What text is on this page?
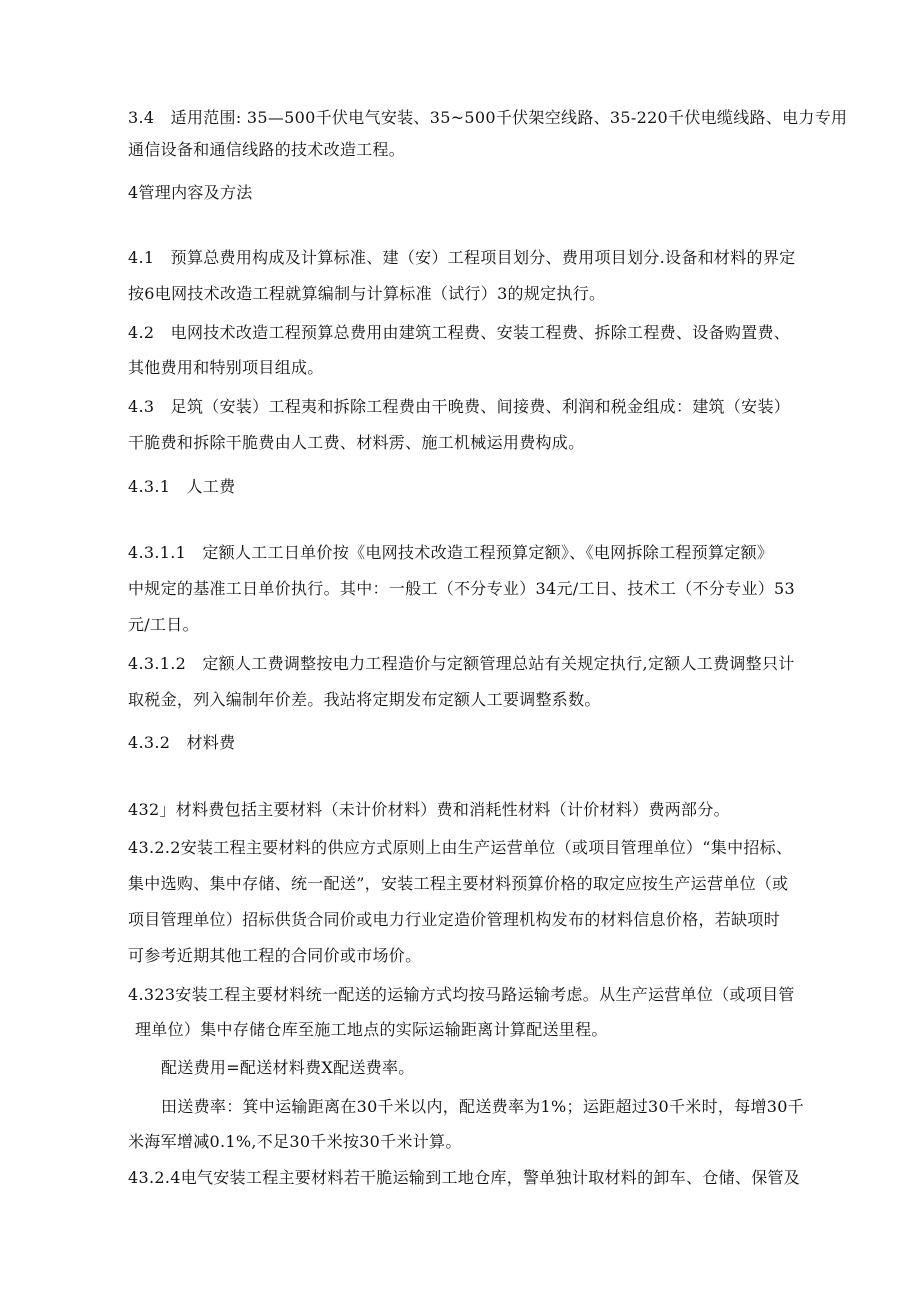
3.4　适用范围: 35—500千伏电气安装、35~500千伏架空线路、35-220千伏电缆线路、电力专用
通信设备和通信线路的技术改造工程。
4管理内容及方法
4.1　预算总费用构成及计算标准、建（安）工程项目划分、费用项目划分.设备和材料的界定
按6电网技术改造工程就算编制与计算标准（试行）3的规定执行。
4.2　电网技术改造工程预算总费用由建筑工程费、安装工程费、拆除工程费、设备购置费、
其他费用和特别项目组成。
4.3　足筑（安装）工程夷和拆除工程费由干晚费、间接费、利润和税金组成：建筑（安装）
干脆费和拆除干脆费由人工费、材料雳、施工机械运用费构成。
4.3.1　人工费
4.3.1.1　定额人工工日单价按《电网技术改造工程预算定额》、《电网拆除工程预算定额》
中规定的基准工日单价执行。其中：一般工（不分专业）34元/工日、技术工（不分专业）53
元/工日。
4.3.1.2　定额人工费调整按电力工程造价与定额管理总站有关规定执行,定额人工费调整只计
取税金，列入编制年价差。我站将定期发布定额人工要调整系数。
4.3.2　材料费
432」材料费包括主要材料（未计价材料）费和消耗性材料（计价材料）费两部分。
43.2.2安装工程主要材料的供应方式原则上由生产运营单位（或项目管理单位）“集中招标、
集中选购、集中存储、统一配送”，安装工程主要材料预算价格的取定应按生产运营单位（或
项目管理单位）招标供货合同价或电力行业定造价管理机构发布的材料信息价格，若缺项时
可参考近期其他工程的合同价或市场价。
4.323安装工程主要材料统一配送的运输方式均按马路运输考虑。从生产运营单位（或项目管
理单位）集中存储仓库至施工地点的实际运输距离计算配送里程。
配送费用=配送材料费X配送费率。
田送费率：箕中运输距离在30千米以内，配送费率为1%；运距超过30千米时，每增30千
米海军增减0.1%,不足30千米按30千米计算。
43.2.4电气安装工程主要材料若干脆运输到工地仓库，警单独计取材料的卸车、仓储、保管及
